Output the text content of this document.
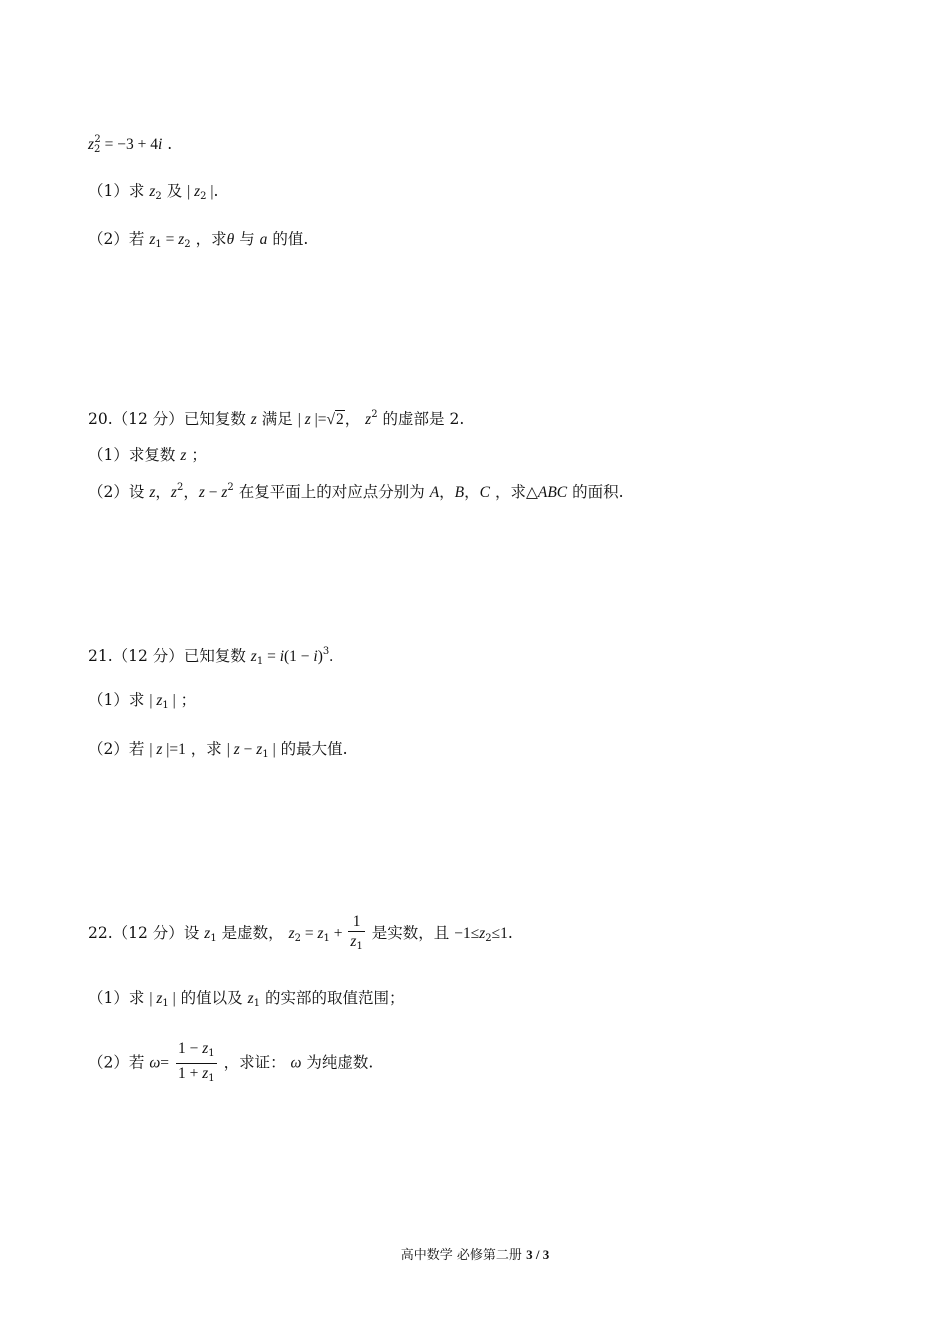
$z_2^2 = -3 + 4i$ .
（1）求 $z_2$ 及 | $z_2$ |.
（2）若 $z_1 = z_2$ ，求θ 与 a 的值.
20.（12 分）已知复数 z 满足 | z |=√2， $z^2$ 的虚部是 2.
（1）求复数 z ；
（2）设 z，$z^2$，$z - z^2$ 在复平面上的对应点分别为 A，B，C ，求△ABC 的面积.
21.（12 分）已知复数 $z_1 = i(1 - i)^3$.
（1）求 | $z_1$ | ；
（2）若 | z |=1 ，求 | $z - z_1$ | 的最大值.
22.（12 分）设 $z_1$ 是虚数， $z_2 = z_1 + \frac{1}{z_1}$ 是实数，且 $-1\le z_2\le 1$.
（1）求 | $z_1$ | 的值以及 $z_1$ 的实部的取值范围；
（2）若 $\omega= \frac{1 - z_1}{1 + z_1}$ ，求证： ω 为纯虚数.
高中数学 必修第二册 3 / 3
